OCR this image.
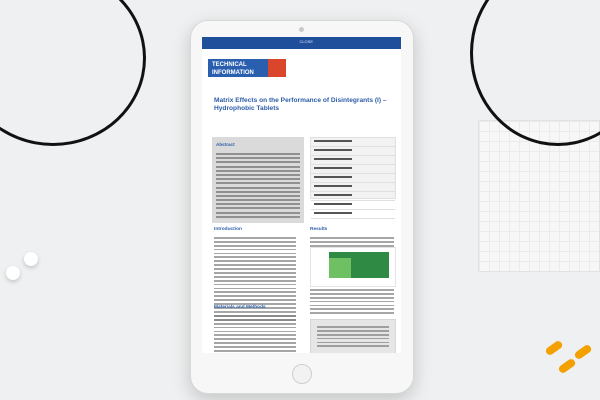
CLOSE
TECHNICAL INFORMATION
Matrix Effects on the Performance of Disintegrants (I) – Hydrophobic Tablets
Abstract
Introduction
Materials and Methods
Results
